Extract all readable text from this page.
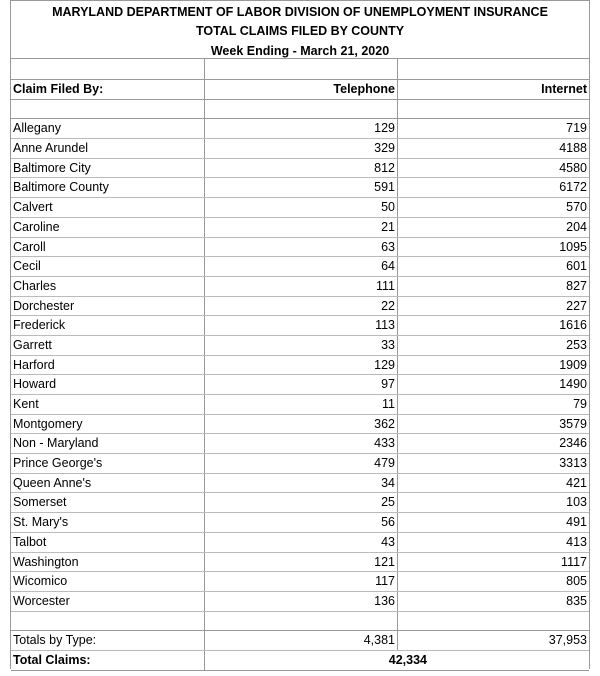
MARYLAND DEPARTMENT OF LABOR DIVISION OF UNEMPLOYMENT INSURANCE
TOTAL CLAIMS FILED BY COUNTY
Week Ending - March 21, 2020
Claim Filed By:	Telephone	Internet
Allegany	129	719
Anne Arundel	329	4188
Baltimore City	812	4580
Baltimore County	591	6172
Calvert	50	570
Caroline	21	204
Caroll	63	1095
Cecil	64	601
Charles	111	827
Dorchester	22	227
Frederick	113	1616
Garrett	33	253
Harford	129	1909
Howard	97	1490
Kent	11	79
Montgomery	362	3579
Non - Maryland	433	2346
Prince George's	479	3313
Queen Anne's	34	421
Somerset	25	103
St. Mary's	56	491
Talbot	43	413
Washington	121	1117
Wicomico	117	805
Worcester	136	835
Totals by Type:	4,381	37,953
Total Claims:	42,334
